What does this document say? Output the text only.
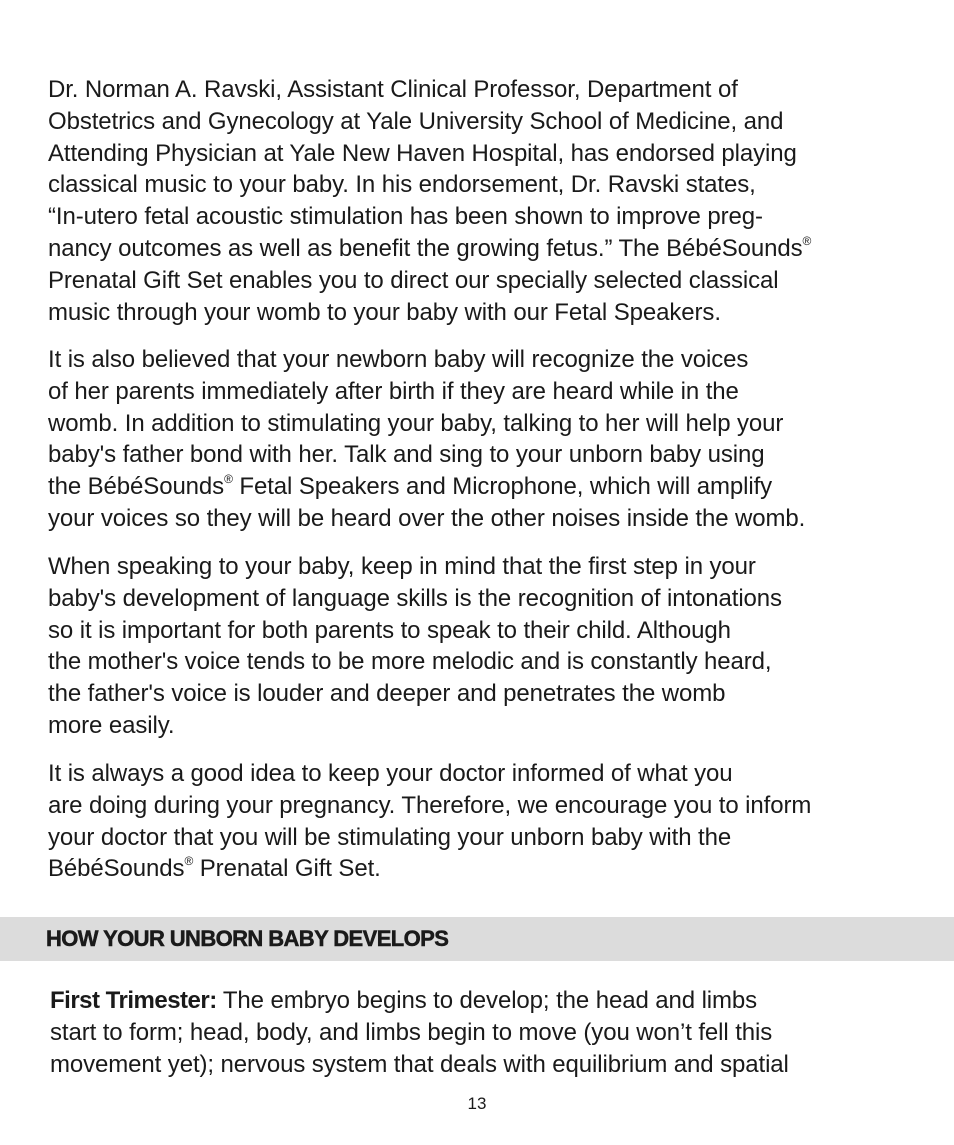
Dr. Norman A. Ravski, Assistant Clinical Professor, Department of
Obstetrics and Gynecology at Yale University School of Medicine, and
Attending Physician at Yale New Haven Hospital, has endorsed playing
classical music to your baby. In his endorsement, Dr. Ravski states,
“In-utero fetal acoustic stimulation has been shown to improve preg-
nancy outcomes as well as benefit the growing fetus.” The BébéSounds®
Prenatal Gift Set enables you to direct our specially selected classical
music through your womb to your baby with our Fetal Speakers.

It is also believed that your newborn baby will recognize the voices
of her parents immediately after birth if they are heard while in the
womb. In addition to stimulating your baby, talking to her will help your
baby's father bond with her. Talk and sing to your unborn baby using
the BébéSounds® Fetal Speakers and Microphone, which will amplify
your voices so they will be heard over the other noises inside the womb.

When speaking to your baby, keep in mind that the first step in your
baby's development of language skills is the recognition of intonations
so it is important for both parents to speak to their child. Although
the mother's voice tends to be more melodic and is constantly heard,
the father's voice is louder and deeper and penetrates the womb
more easily.

It is always a good idea to keep your doctor informed of what you
are doing during your pregnancy. Therefore, we encourage you to inform
your doctor that you will be stimulating your unborn baby with the
BébéSounds® Prenatal Gift Set.

HOW YOUR UNBORN BABY DEVELOPS

First Trimester: The embryo begins to develop; the head and limbs
start to form; head, body, and limbs begin to move (you won’t fell this
movement yet); nervous system that deals with equilibrium and spatial

13
